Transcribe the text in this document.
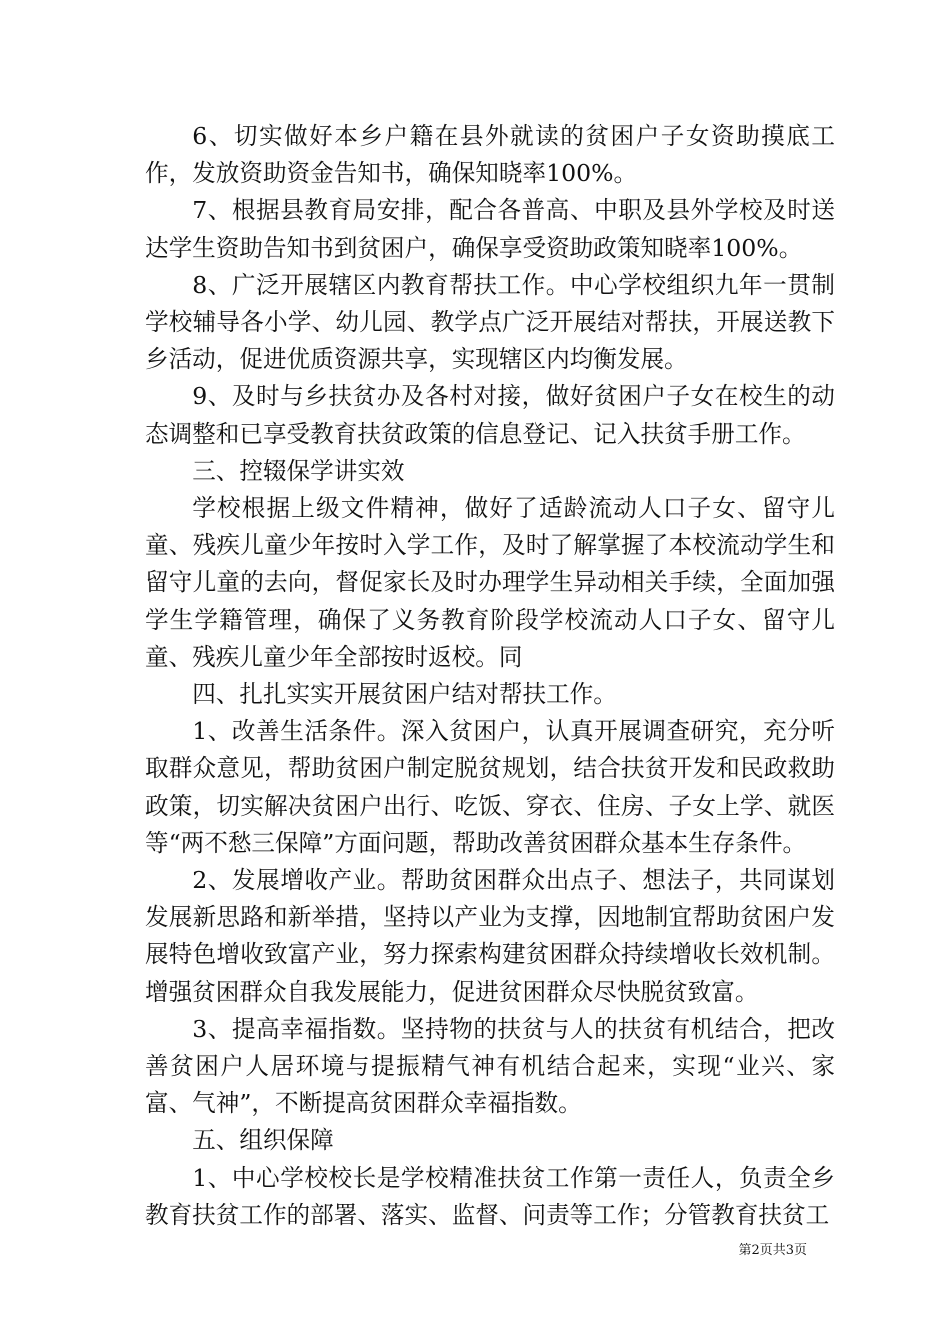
6、切实做好本乡户籍在县外就读的贫困户子女资助摸底工作，发放资助资金告知书，确保知晓率100%。

7、根据县教育局安排，配合各普高、中职及县外学校及时送达学生资助告知书到贫困户，确保享受资助政策知晓率100%。

8、广泛开展辖区内教育帮扶工作。中心学校组织九年一贯制学校辅导各小学、幼儿园、教学点广泛开展结对帮扶，开展送教下乡活动，促进优质资源共享，实现辖区内均衡发展。

9、及时与乡扶贫办及各村对接，做好贫困户子女在校生的动态调整和已享受教育扶贫政策的信息登记、记入扶贫手册工作。

三、控辍保学讲实效

学校根据上级文件精神，做好了适龄流动人口子女、留守儿童、残疾儿童少年按时入学工作，及时了解掌握了本校流动学生和留守儿童的去向，督促家长及时办理学生异动相关手续，全面加强学生学籍管理，确保了义务教育阶段学校流动人口子女、留守儿童、残疾儿童少年全部按时返校。同

四、扎扎实实开展贫困户结对帮扶工作。

1、改善生活条件。深入贫困户，认真开展调查研究，充分听取群众意见，帮助贫困户制定脱贫规划，结合扶贫开发和民政救助政策，切实解决贫困户出行、吃饭、穿衣、住房、子女上学、就医等“两不愁三保障”方面问题，帮助改善贫困群众基本生存条件。

2、发展增收产业。帮助贫困群众出点子、想法子，共同谋划发展新思路和新举措，坚持以产业为支撑，因地制宜帮助贫困户发展特色增收致富产业，努力探索构建贫困群众持续增收长效机制。增强贫困群众自我发展能力，促进贫困群众尽快脱贫致富。

3、提高幸福指数。坚持物的扶贫与人的扶贫有机结合，把改善贫困户人居环境与提振精气神有机结合起来，实现“业兴、家富、气神”，不断提高贫困群众幸福指数。

五、组织保障

1、中心学校校长是学校精准扶贫工作第一责任人，负责全乡教育扶贫工作的部署、落实、监督、问责等工作；分管教育扶贫工

第2页共3页
